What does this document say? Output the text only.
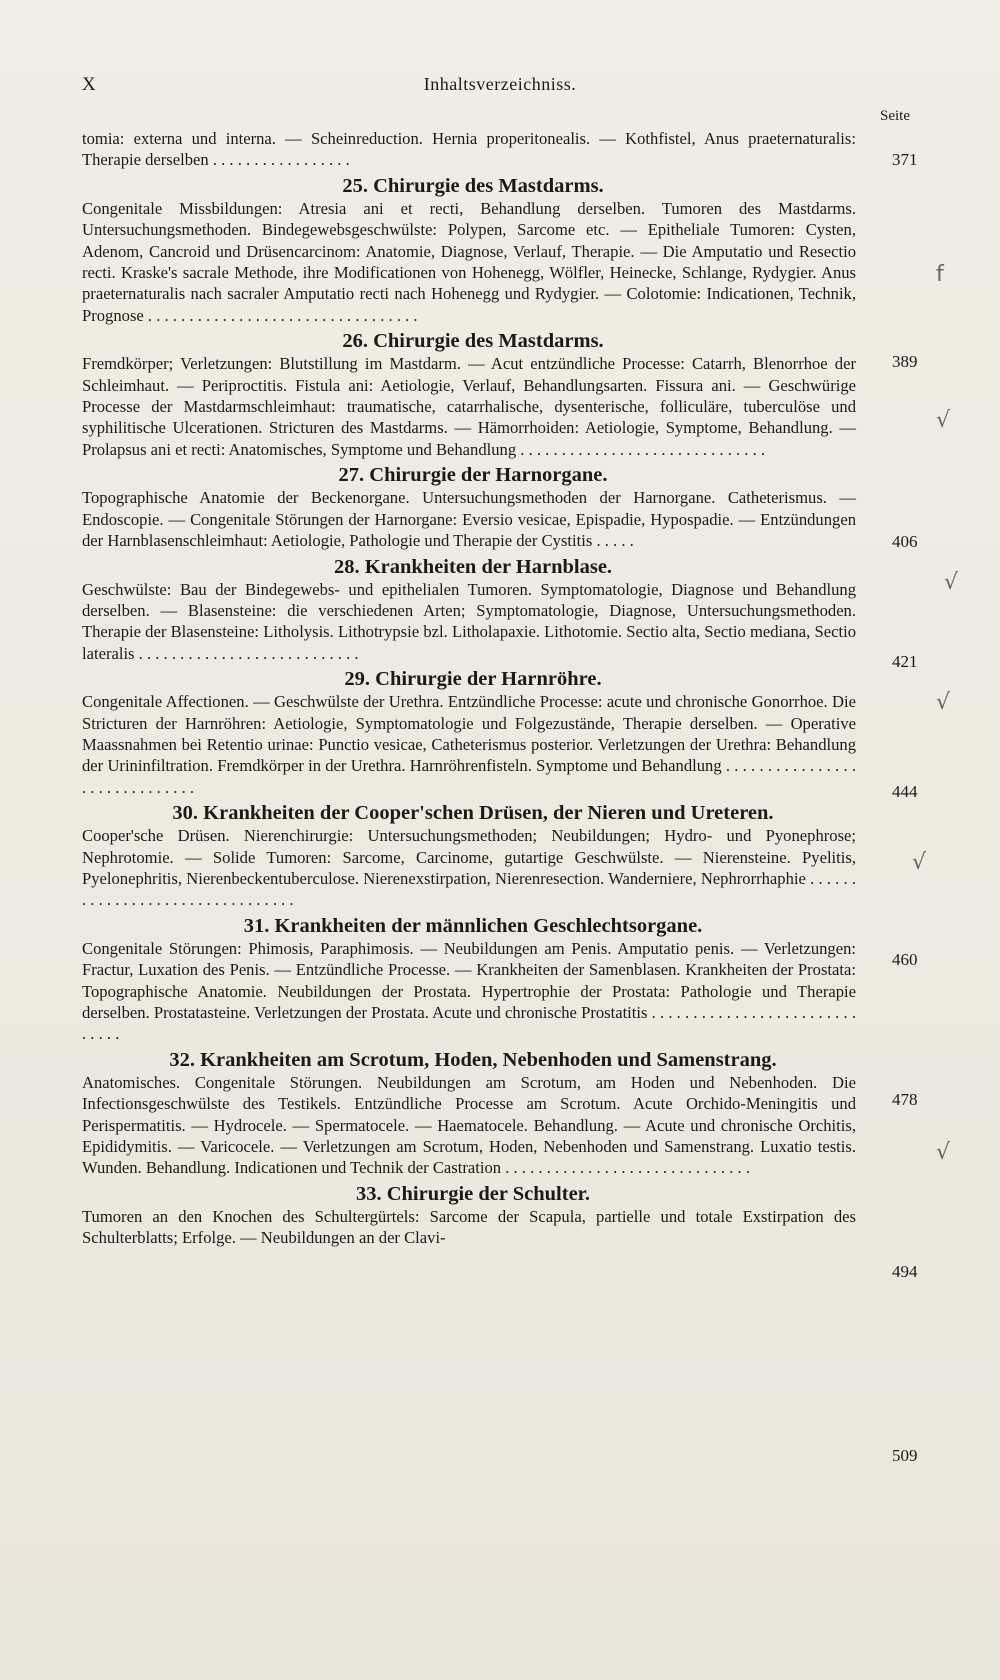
X	Inhaltsverzeichniss.
Seite

tomia: externa und interna. — Scheinreduction. Hernia properitonealis. — Kothfistel, Anus praeternaturalis: Therapie derselben . . . . . . . . . . . . . . . . .

25. Chirurgie des Mastdarms.

Congenitale Missbildungen: Atresia ani et recti, Behandlung derselben. Tumoren des Mastdarms. Untersuchungsmethoden. Bindegewebsgeschwülste: Polypen, Sarcome etc. — Epitheliale Tumoren: Cysten, Adenom, Cancroid und Drüsencarcinom: Anatomie, Diagnose, Verlauf, Therapie. — Die Amputatio und Resectio recti. Kraske's sacrale Methode, ihre Modificationen von Hohenegg, Wölfler, Heinecke, Schlange, Rydygier. Anus praeternaturalis nach sacraler Amputatio recti nach Hohenegg und Rydygier. — Colotomie: Indicationen, Technik, Prognose . . . . . . . . . . . . . . . . . . . . . . . . . . . . . . . . .

26. Chirurgie des Mastdarms.

Fremdkörper; Verletzungen: Blutstillung im Mastdarm. — Acut entzündliche Processe: Catarrh, Blenorrhoe der Schleimhaut. — Periproctitis. Fistula ani: Aetiologie, Verlauf, Behandlungsarten. Fissura ani. — Geschwürige Processe der Mastdarmschleimhaut: traumatische, catarrhalische, dysenterische, folliculäre, tuberculöse und syphilitische Ulcerationen. Stricturen des Mastdarms. — Hämorrhoiden: Aetiologie, Symptome, Behandlung. — Prolapsus ani et recti: Anatomisches, Symptome und Behandlung . . . . . . . . . . . . . . . . . . . . . . . . . . . . . .

27. Chirurgie der Harnorgane.

Topographische Anatomie der Beckenorgane. Untersuchungsmethoden der Harnorgane. Catheterismus. — Endoscopie. — Congenitale Störungen der Harnorgane: Eversio vesicae, Epispadie, Hypospadie. — Entzündungen der Harnblasenschleimhaut: Aetiologie, Pathologie und Therapie der Cystitis . . . . .

28. Krankheiten der Harnblase.

Geschwülste: Bau der Bindegewebs- und epithelialen Tumoren. Symptomatologie, Diagnose und Behandlung derselben. — Blasensteine: die verschiedenen Arten; Symptomatologie, Diagnose, Untersuchungsmethoden. Therapie der Blasensteine: Litholysis. Lithotrypsie bzl. Litholapaxie. Lithotomie. Sectio alta, Sectio mediana, Sectio lateralis . . . . . . . . . . . . . . . . . . . . . . . . . . .

29. Chirurgie der Harnröhre.

Congenitale Affectionen. — Geschwülste der Urethra. Entzündliche Processe: acute und chronische Gonorrhoe. Die Stricturen der Harnröhren: Aetiologie, Symptomatologie und Folgezustände, Therapie derselben. — Operative Maassnahmen bei Retentio urinae: Punctio vesicae, Catheterismus posterior. Verletzungen der Urethra: Behandlung der Urininfiltration. Fremdkörper in der Urethra. Harnröhrenfisteln. Symptome und Behandlung . . . . . . . . . . . . . . . . . . . . . . . . . . . . . .

30. Krankheiten der Cooper'schen Drüsen, der Nieren und Ureteren.

Cooper'sche Drüsen. Nierenchirurgie: Untersuchungsmethoden; Neubildungen; Hydro- und Pyonephrose; Nephrotomie. — Solide Tumoren: Sarcome, Carcinome, gutartige Geschwülste. — Nierensteine. Pyelitis, Pyelonephritis, Nierenbeckentuberculose. Nierenexstirpation, Nierenresection. Wanderniere, Nephrorrhaphie . . . . . . . . . . . . . . . . . . . . . . . . . . . . . . . .

31. Krankheiten der männlichen Geschlechtsorgane.

Congenitale Störungen: Phimosis, Paraphimosis. — Neubildungen am Penis. Amputatio penis. — Verletzungen: Fractur, Luxation des Penis. — Entzündliche Processe. — Krankheiten der Samenblasen. Krankheiten der Prostata: Topographische Anatomie. Neubildungen der Prostata. Hypertrophie der Prostata: Pathologie und Therapie derselben. Prostatasteine. Verletzungen der Prostata. Acute und chronische Prostatitis . . . . . . . . . . . . . . . . . . . . . . . . . . . . . .

32. Krankheiten am Scrotum, Hoden, Nebenhoden und Samenstrang.

Anatomisches. Congenitale Störungen. Neubildungen am Scrotum, am Hoden und Nebenhoden. Die Infectionsgeschwülste des Testikels. Entzündliche Processe am Scrotum. Acute Orchido-Meningitis und Perispermatitis. — Hydrocele. — Spermatocele. — Haematocele. Behandlung. — Acute und chronische Orchitis, Epididymitis. — Varicocele. — Verletzungen am Scrotum, Hoden, Nebenhoden und Samenstrang. Luxatio testis. Wunden. Behandlung. Indicationen und Technik der Castration . . . . . . . . . . . . . . . . . . . . . . . . . . . . . .

33. Chirurgie der Schulter.

Tumoren an den Knochen des Schultergürtels: Sarcome der Scapula, partielle und totale Exstirpation des Schulterblatts; Erfolge. — Neubildungen an der Clavi-

371
389
406
421
444
460
478
494
509
f
√
√
√
√
√
